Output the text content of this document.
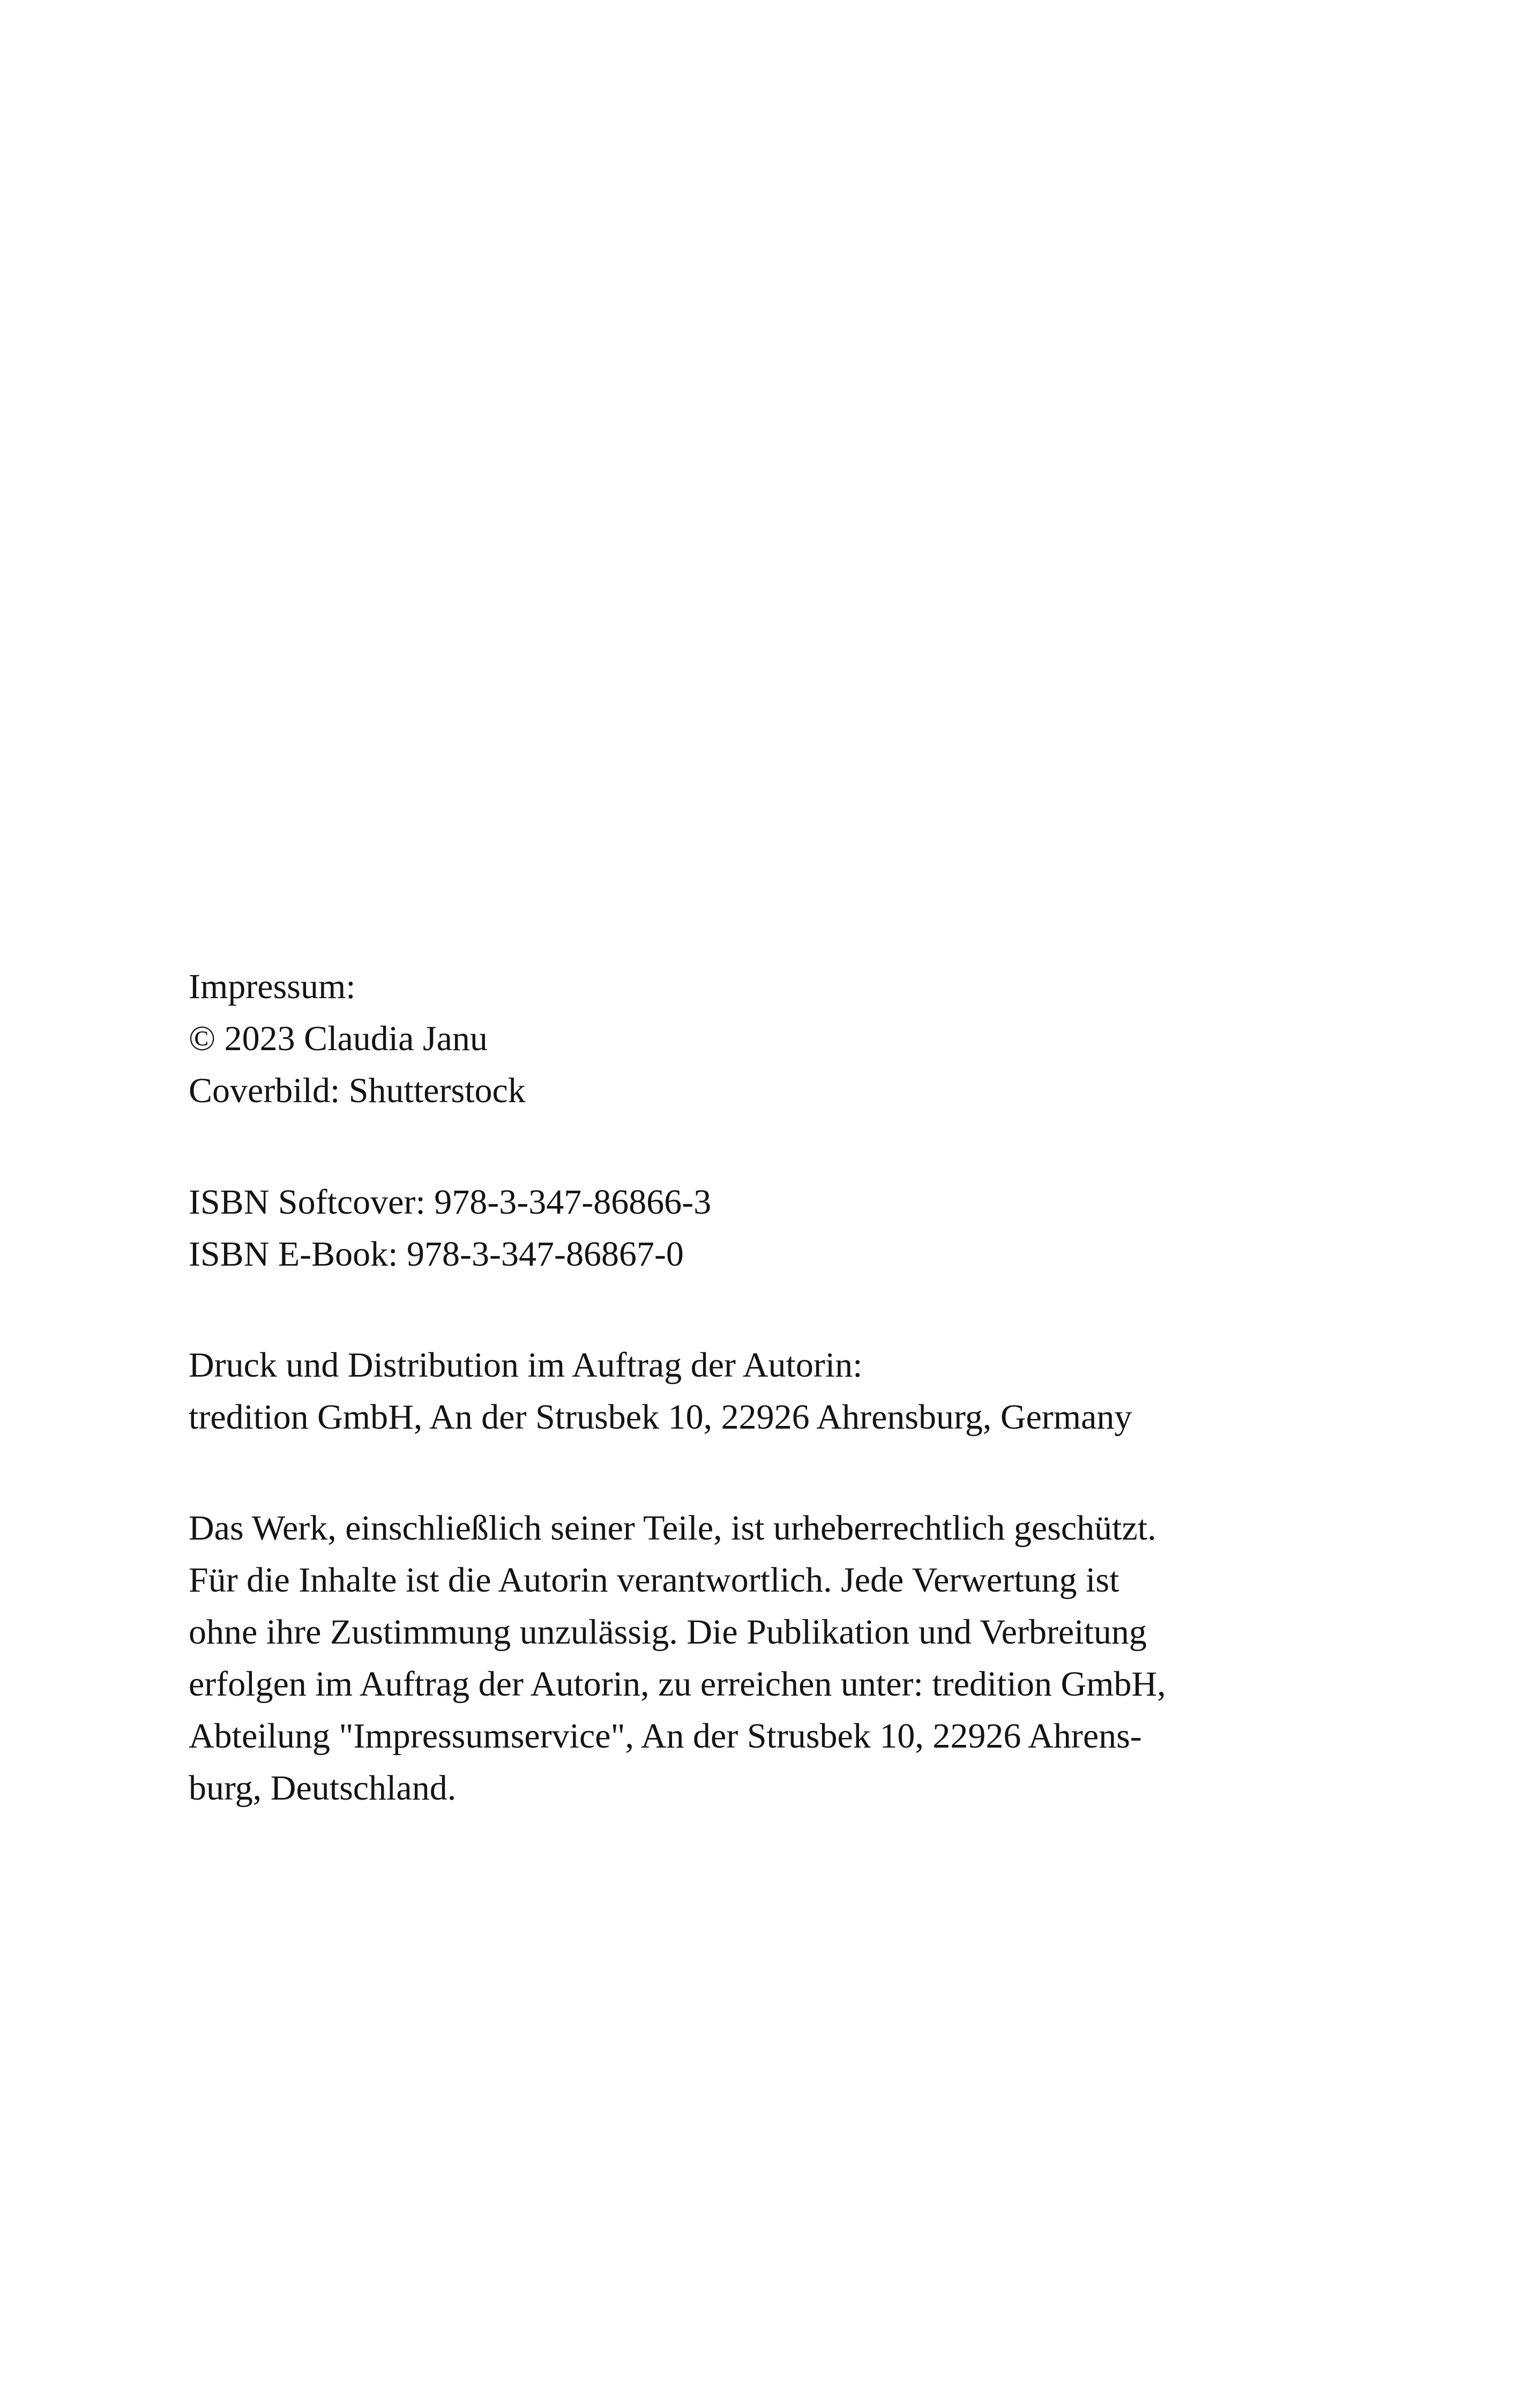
Impressum:

© 2023 Claudia Janu

Coverbild: Shutterstock

ISBN Softcover: 978-3-347-86866-3

ISBN E-Book: 978-3-347-86867-0

Druck und Distribution im Auftrag der Autorin:

tredition GmbH, An der Strusbek 10, 22926 Ahrensburg, Germany

Das Werk, einschließlich seiner Teile, ist urheberrechtlich geschützt.

Für die Inhalte ist die Autorin verantwortlich. Jede Verwertung ist

ohne ihre Zustimmung unzulässig. Die Publikation und Verbreitung

erfolgen im Auftrag der Autorin, zu erreichen unter: tredition GmbH,

Abteilung "Impressumservice", An der Strusbek 10, 22926 Ahrens-

burg, Deutschland.
